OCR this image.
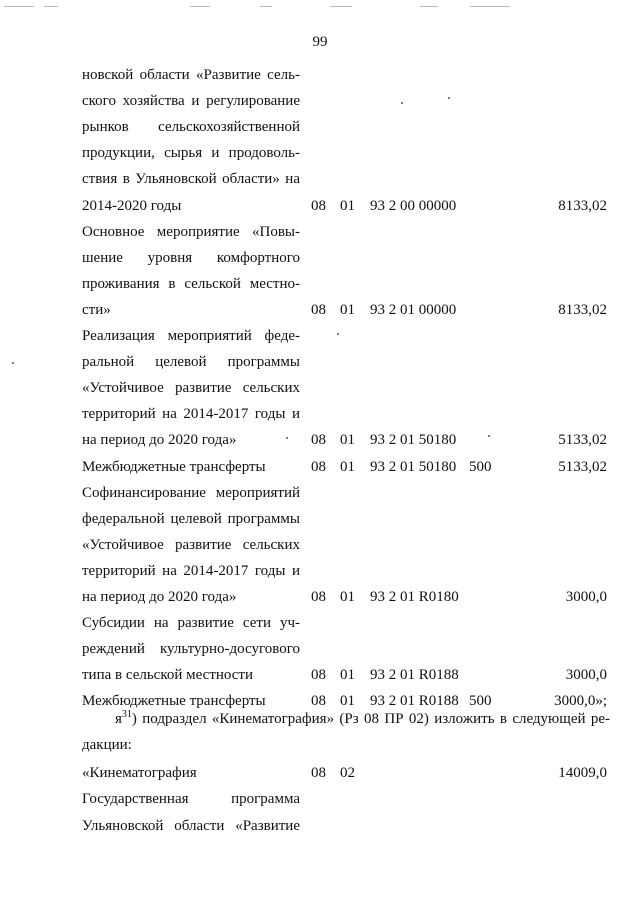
99
новской области «Развитие сель-
ского хозяйства и регулирование
рынков сельскохозяйственной
продукции, сырья и продоволь-
ствия в Ульяновской области» на
2014-2020 годы	08 01 93 2 00 00000	8133,02
Основное мероприятие «Повы-
шение уровня комфортного
проживания в сельской местно-
сти»	08 01 93 2 01 00000	8133,02
Реализация мероприятий феде-
ральной целевой программы
«Устойчивое развитие сельских
территорий на 2014-2017 годы и
на период до 2020 года»	08 01 93 2 01 50180	5133,02
Межбюджетные трансферты	08 01 93 2 01 50180 500	5133,02
Софинансирование мероприятий
федеральной целевой программы
«Устойчивое развитие сельских
территорий на 2014-2017 годы и
на период до 2020 года»	08 01 93 2 01 R0180	3000,0
Субсидии на развитие сети уч-
реждений культурно-досугового
типа в сельской местности	08 01 93 2 01 R0188	3000,0
Межбюджетные трансферты	08 01 93 2 01 R0188 500	3000,0»;
$я^{31}$) подраздел «Кинематография» (Рз 08 ПР 02) изложить в следующей ре-
дакции:
«Кинематография	08 02	14009,0
Государственная программа
Ульяновской области «Развитие
